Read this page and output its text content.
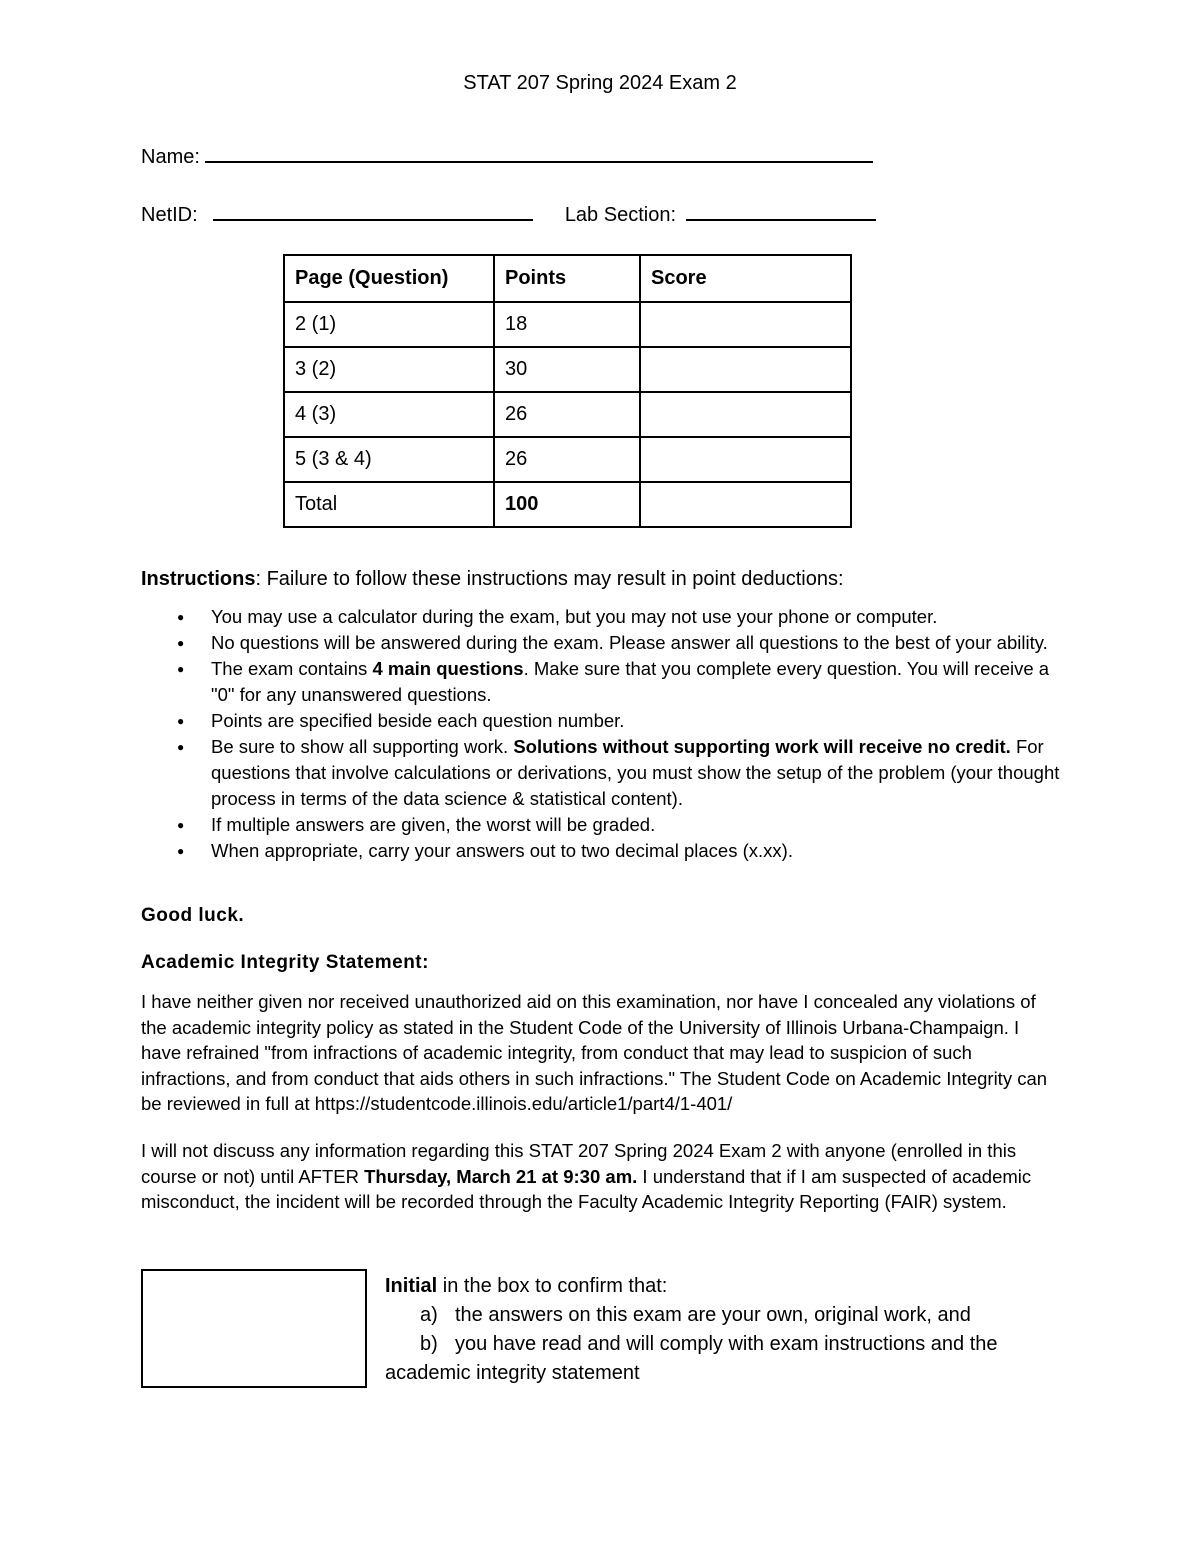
STAT 207 Spring 2024 Exam 2
Name:
NetID:	Lab Section:
Page (Question)	Points	Score
2 (1)	18	
3 (2)	30	
4 (3)	26	
5 (3 & 4)	26	
Total	100	
Instructions: Failure to follow these instructions may result in point deductions:
● You may use a calculator during the exam, but you may not use your phone or computer.
● No questions will be answered during the exam. Please answer all questions to the best of your ability.
● The exam contains 4 main questions. Make sure that you complete every question. You will receive a "0" for any unanswered questions.
● Points are specified beside each question number.
● Be sure to show all supporting work. Solutions without supporting work will receive no credit. For questions that involve calculations or derivations, you must show the setup of the problem (your thought process in terms of the data science & statistical content).
● If multiple answers are given, the worst will be graded.
● When appropriate, carry your answers out to two decimal places (x.xx).
Good luck.
Academic Integrity Statement:
I have neither given nor received unauthorized aid on this examination, nor have I concealed any violations of the academic integrity policy as stated in the Student Code of the University of Illinois Urbana-Champaign. I have refrained "from infractions of academic integrity, from conduct that may lead to suspicion of such infractions, and from conduct that aids others in such infractions." The Student Code on Academic Integrity can be reviewed in full at https://studentcode.illinois.edu/article1/part4/1-401/
I will not discuss any information regarding this STAT 207 Spring 2024 Exam 2 with anyone (enrolled in this course or not) until AFTER Thursday, March 21 at 9:30 am. I understand that if I am suspected of academic misconduct, the incident will be recorded through the Faculty Academic Integrity Reporting (FAIR) system.
Initial in the box to confirm that:
a) the answers on this exam are your own, original work, and
b) you have read and will comply with exam instructions and the academic integrity statement
